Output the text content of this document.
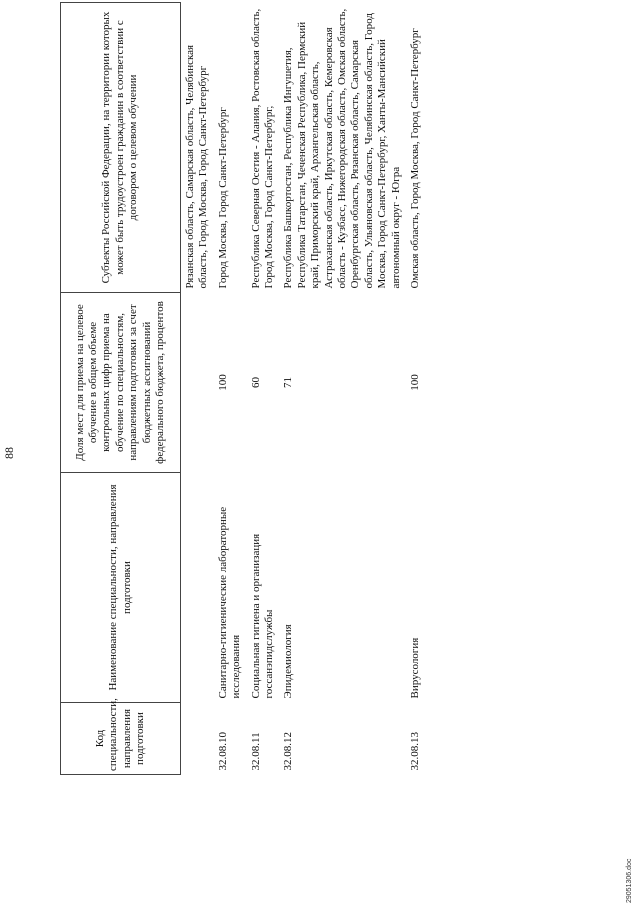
88
Код специальности, направления подготовки	Наименование специальности, направления подготовки	Доля мест для приема на целевое обучение в общем объеме контрольных цифр приема на обучение по специальностям, направлениям подготовки за счет бюджетных ассигнований федерального бюджета, процентов	Субъекты Российской Федерации, на территории которых может быть трудоустроен гражданин в соответствии с договором о целевом обучении
			Рязанская область, Самарская область, Челябинская область, Город Москва, Город Санкт-Петербург
32.08.10	Санитарно-гигиенические лабораторные исследования	100	Город Москва, Город Санкт-Петербург
32.08.11	Социальная гигиена и организация госсанэпидслужбы	60	Республика Северная Осетия - Алания, Ростовская область, Город Москва, Город Санкт-Петербург,
32.08.12	Эпидемиология	71	Республика Башкортостан, Республика Ингушетия, Республика Татарстан, Чеченская Республика, Пермский край, Приморский край, Архангельская область, Астраханская область, Иркутская область, Кемеровская область - Кузбасс, Нижегородская область, Омская область, Оренбургская область, Рязанская область, Самарская область, Ульяновская область, Челябинская область, Город Москва, Город Санкт-Петербург, Ханты-Мансийский автономный округ - Югра
32.08.13	Вирусология	100	Омская область, Город Москва, Город Санкт-Петербург
29051306.doc
